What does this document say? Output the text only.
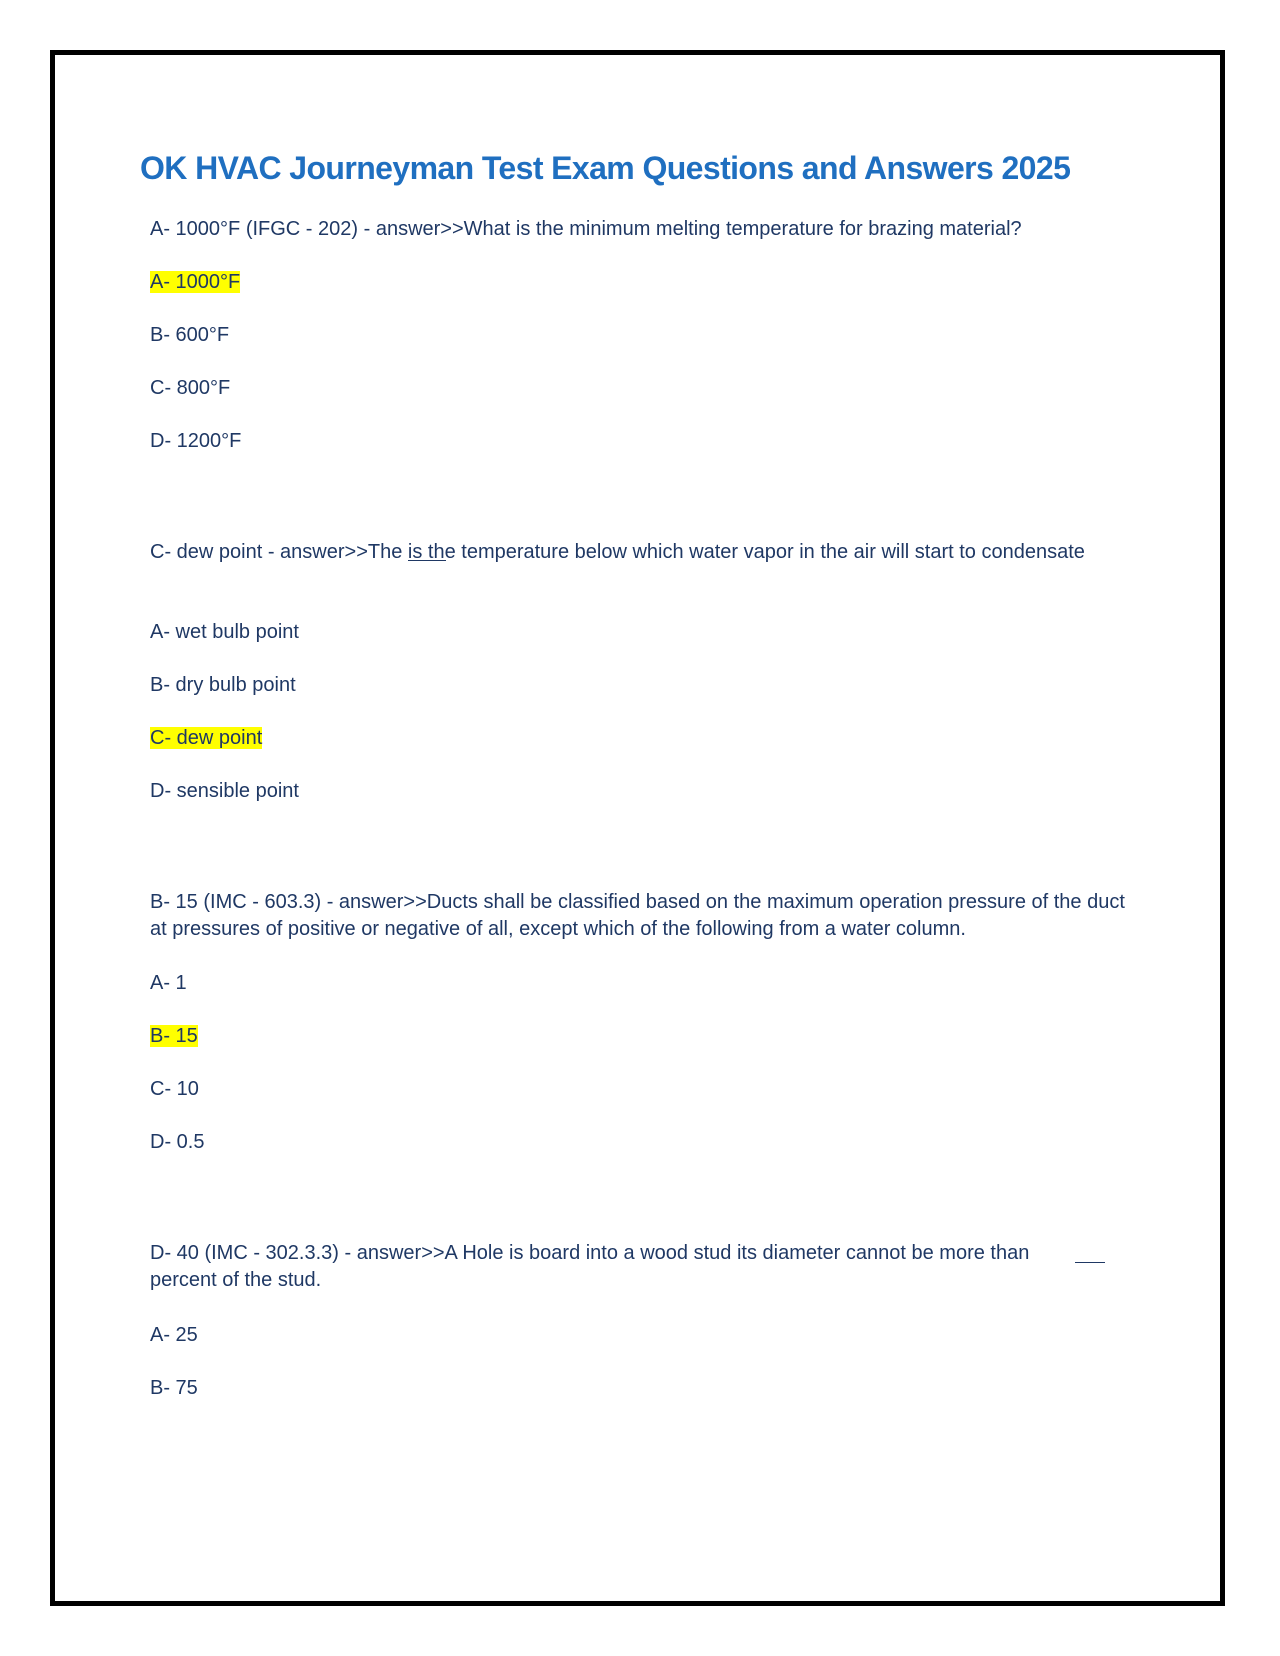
OK HVAC Journeyman Test Exam Questions and Answers 2025
A- 1000°F (IFGC - 202) - answer>>What is the minimum melting temperature for brazing material?
A- 1000°F
B- 600°F
C- 800°F
D- 1200°F
C- dew point - answer>>The is the temperature below which water vapor in the air will start to condensate
A- wet bulb point
B- dry bulb point
C- dew point
D- sensible point
B- 15 (IMC - 603.3) - answer>>Ducts shall be classified based on the maximum operation pressure of the duct at pressures of positive or negative of all, except which of the following from a water column.
A- 1
B- 15
C- 10
D- 0.5
D- 40 (IMC - 302.3.3) - answer>>A Hole is board into a wood stud its diameter cannot be more than percent of the stud.
A- 25
B- 75
